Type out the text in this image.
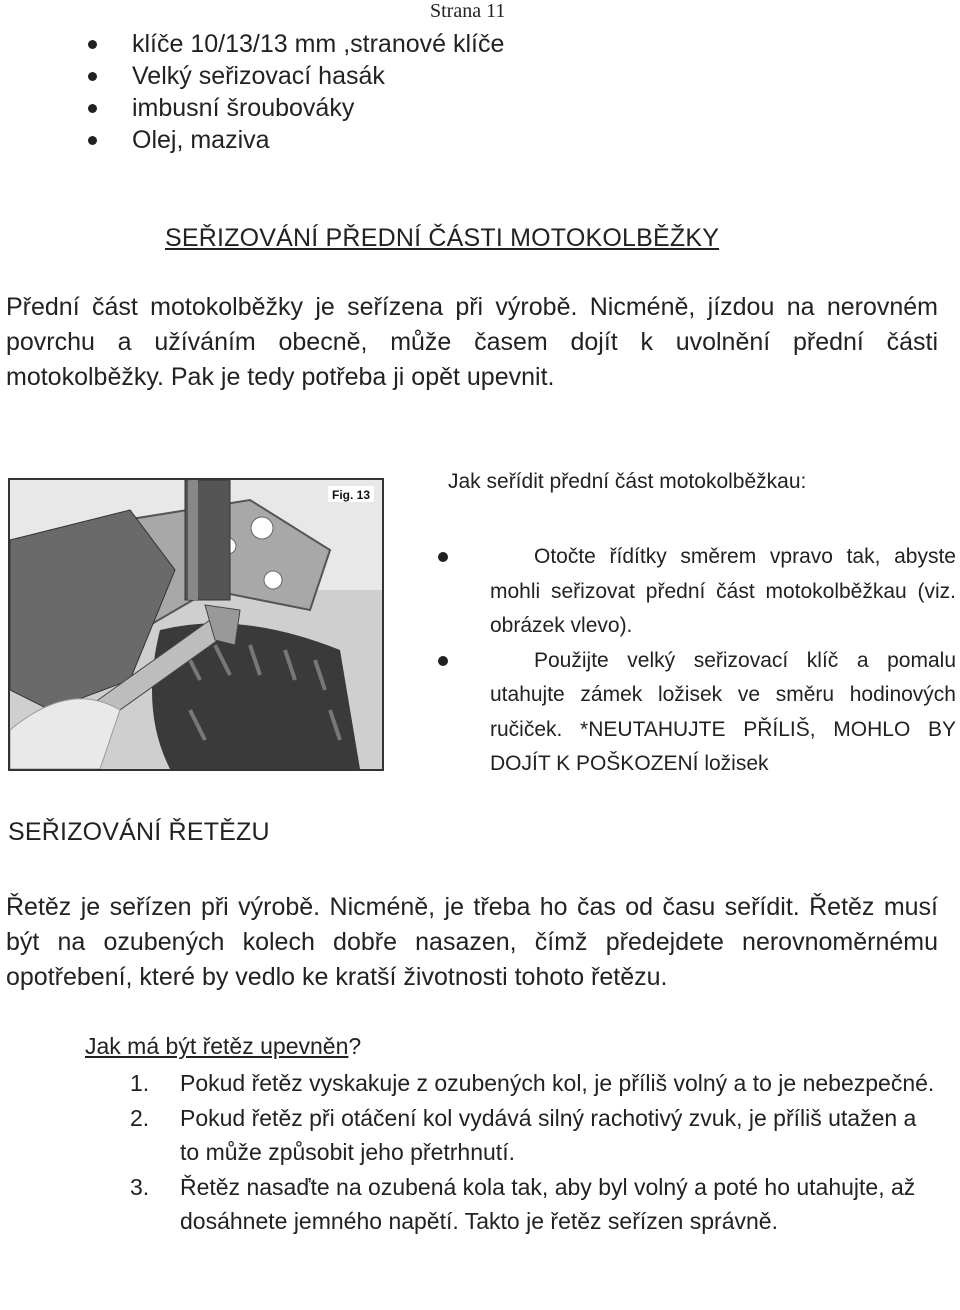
Strana 11
klíče 10/13/13 mm ,stranové klíče
Velký seřizovací hasák
imbusní šroubováky
Olej, maziva
SEŘIZOVÁNÍ PŘEDNÍ ČÁSTI MOTOKOLBĚŽKY
Přední část motokolběžky je seřízena při výrobě. Nicméně, jízdou na nerovném povrchu a užíváním obecně, může časem dojít k uvolnění přední části motokolběžky. Pak je tedy potřeba ji opět upevnit.
Fig. 13
Jak seřídit přední část motokolběžkau:
Otočte řídítky směrem vpravo tak, abyste mohli seřizovat přední část motokolběžkau (viz. obrázek vlevo).
Použijte velký seřizovací klíč a pomalu utahujte zámek ložisek ve směru hodinových ručiček. *NEUTAHUJTE PŘÍLIŠ, MOHLO BY DOJÍT K POŠKOZENÍ ložisek
SEŘIZOVÁNÍ ŘETĚZU
Řetěz je seřízen při výrobě. Nicméně, je třeba ho čas od času seřídit. Řetěz musí být na ozubených kolech dobře nasazen, čímž předejdete nerovnoměrnému opotřebení, které by vedlo ke kratší životnosti tohoto řetězu.
Jak má být řetěz upevněn?
1. Pokud řetěz vyskakuje z ozubených kol, je příliš volný a to je nebezpečné.
2. Pokud řetěz při otáčení kol vydává silný rachotivý zvuk, je příliš utažen a to může způsobit jeho přetrhnutí.
3. Řetěz nasaďte na ozubená kola tak, aby byl volný a poté ho utahujte, až dosáhnete jemného napětí. Takto je řetěz seřízen správně.
